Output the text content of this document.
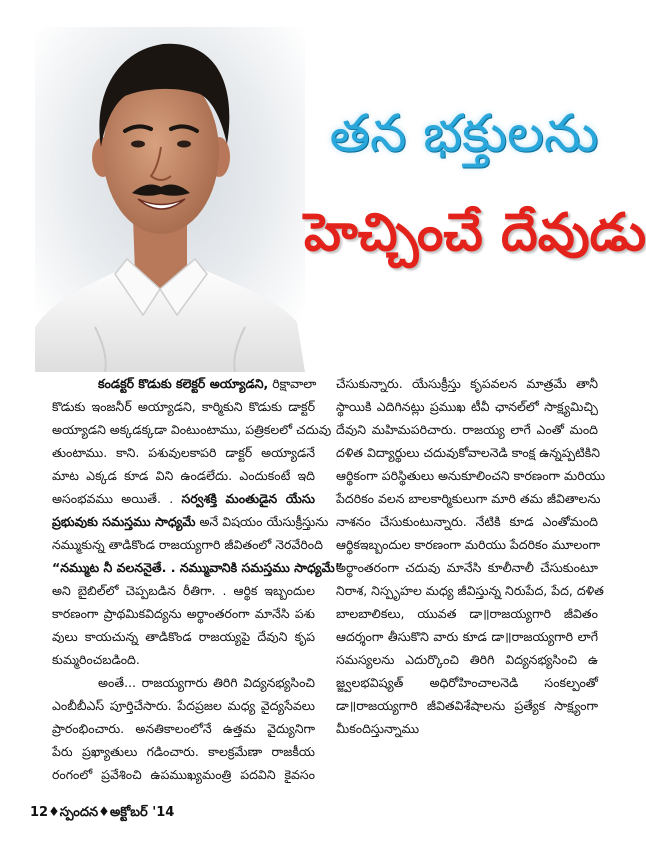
తన భక్తులను
హెచ్చించే దేవుడు
కండక్టర్ కొడుకు కలెక్టర్ అయ్యాడని, రిక్షావాలా
కొడుకు ఇంజనీర్ అయ్యాడని, కార్మికుని కొడుకు డాక్టర్
అయ్యాడని అక్కడక్కడా వింటుంటాము, పత్రికలలో చదువు
తుంటాము. కాని. పశువులకాపరి డాక్టర్ అయ్యాడనే
మాట ఎక్కడ కూడ విని ఉండలేదు. ఎందుకంటే ఇది
అసంభవము అయితే. . సర్వశక్తి మంతుడైన యేసు
ప్రభువుకు సమస్తము సాధ్యమే అనే విషయం యేసుక్రీస్తును
నమ్ముకున్న తాడికొండ రాజయ్యగారి జీవితంలో నెరవేరింది
“నమ్ముట నీ వలననైతే. . నమ్మువానికి సమస్తము సాధ్యమే”
అని బైబిల్‌లో చెప్పబడిన రీతిగా. . ఆర్థిక ఇబ్బందుల
కారణంగా ప్రాథమికవిద్యను అర్థాంతరంగా మానేసి పశు
వులు కాయచున్న తాడికొండ రాజయ్యపై దేవుని కృప
కుమ్మరించబడింది.
అంతే... రాజయ్యగారు తిరిగి విద్యనభ్యసించి
ఎంబీబీఎస్ పూర్తిచేసారు. పేదప్రజల మధ్య వైద్యసేవలు
ప్రారంభించారు. అనతికాలంలోనే ఉత్తమ వైద్యునిగా
పేరు ప్రఖ్యాతులు గడించారు. కాలక్రమేణా రాజకీయ
రంగంలో ప్రవేశించి ఉపముఖ్యమంత్రి పదవిని కైవసం
చేసుకున్నారు. యేసుక్రీస్తు కృపవలన మాత్రమే తానీ
స్థాయికి ఎదిగినట్లు ప్రముఖ టీవీ ఛానల్‌లో సాక్ష్యమిచ్చి
దేవుని మహిమపరిచారు. రాజయ్య లాగే ఎంతో మంది
దళిత విద్యార్థులు చదువుకోవాలనెడి కాంక్ష ఉన్నప్పటికిని
ఆర్థికంగా పరిస్థితులు అనుకూలించని కారణంగా మరియు
పేదరికం వలన బాలకార్మికులుగా మారి తమ జీవితాలను
నాశనం చేసుకుంటున్నారు. నేటికి కూడ ఎంతోమంది
ఆర్థికఇబ్బందుల కారణంగా మరియు పేదరికం మూలంగా
అర్థాంతరంగా చదువు మానేసి కూలీనాలీ చేసుకుంటూ
నిరాశ, నిస్పృహల మధ్య జీవిస్తున్న నిరుపేద, పేద, దళిత
బాలబాలికలు, యువత డా॥రాజయ్యగారి జీవితం
ఆదర్శంగా తీసుకొని వారు కూడ డా॥రాజయ్యగారి లాగే
సమస్యలను ఎదుర్కొంచి తిరిగి విద్యనభ్యసించి ఉ
జ్జ్వలభవిష్యత్ అధిరోహించాలనెడి సంకల్పంతో
డా॥రాజయ్యగారి జీవితవిశేషాలను ప్రత్యేక సాక్ష్యంగా
మీకందిస్తున్నాము
12♦స్పందన♦అక్టోబర్ '14
